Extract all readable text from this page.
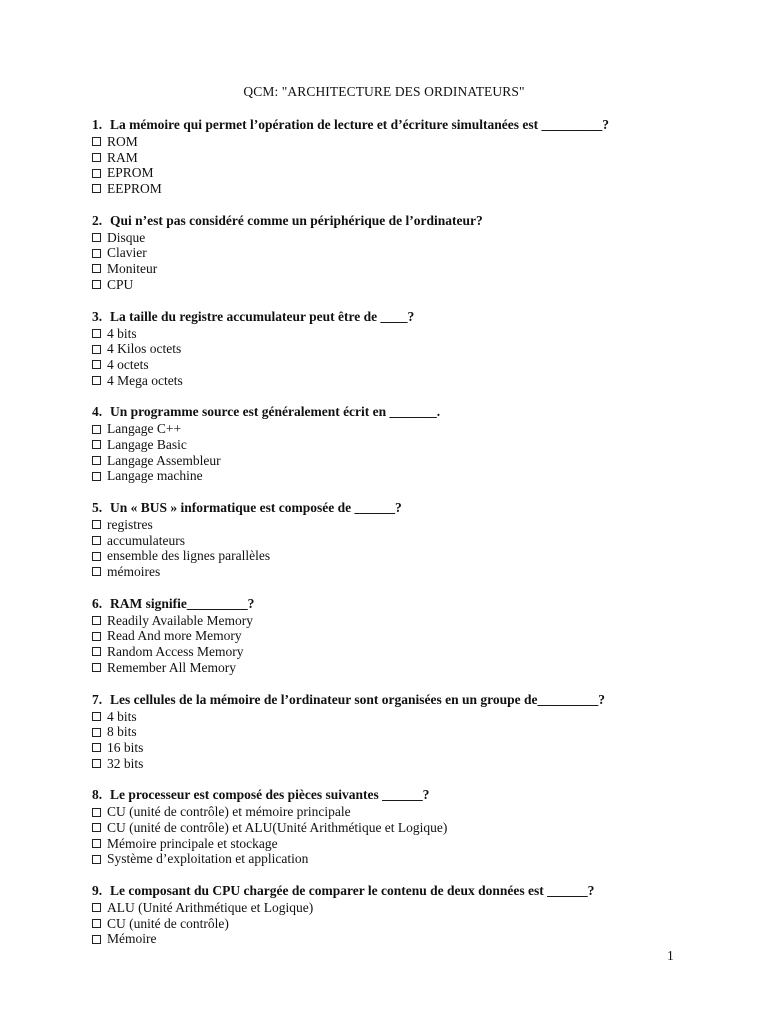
QCM: "ARCHITECTURE DES ORDINATEURS"
1. La mémoire qui permet l’opération de lecture et d’écriture simultanées est _________?
ROM
RAM
EPROM
EEPROM
2. Qui n’est pas considéré comme un périphérique de l’ordinateur?
Disque
Clavier
Moniteur
CPU
3. La taille du registre accumulateur peut être de ____?
4 bits
4 Kilos octets
4 octets
4 Mega octets
4. Un programme source est généralement écrit en _______.
Langage C++
Langage Basic
Langage Assembleur
Langage machine
5. Un « BUS » informatique est composée de ______?
registres
accumulateurs
ensemble des lignes parallèles
mémoires
6. RAM signifie_________?
Readily Available Memory
Read And more Memory
Random Access Memory
Remember All Memory
7. Les cellules de la mémoire de l’ordinateur sont organisées en un groupe de_________?
4 bits
8 bits
16 bits
32 bits
8. Le processeur est composé des pièces suivantes ______?
CU (unité de contrôle) et mémoire principale
CU (unité de contrôle) et ALU(Unité Arithmétique et Logique)
Mémoire principale et stockage
Système d’exploitation et application
9. Le composant du CPU chargée de comparer le contenu de deux données est ______?
ALU (Unité Arithmétique et Logique)
CU (unité de contrôle)
Mémoire
1
